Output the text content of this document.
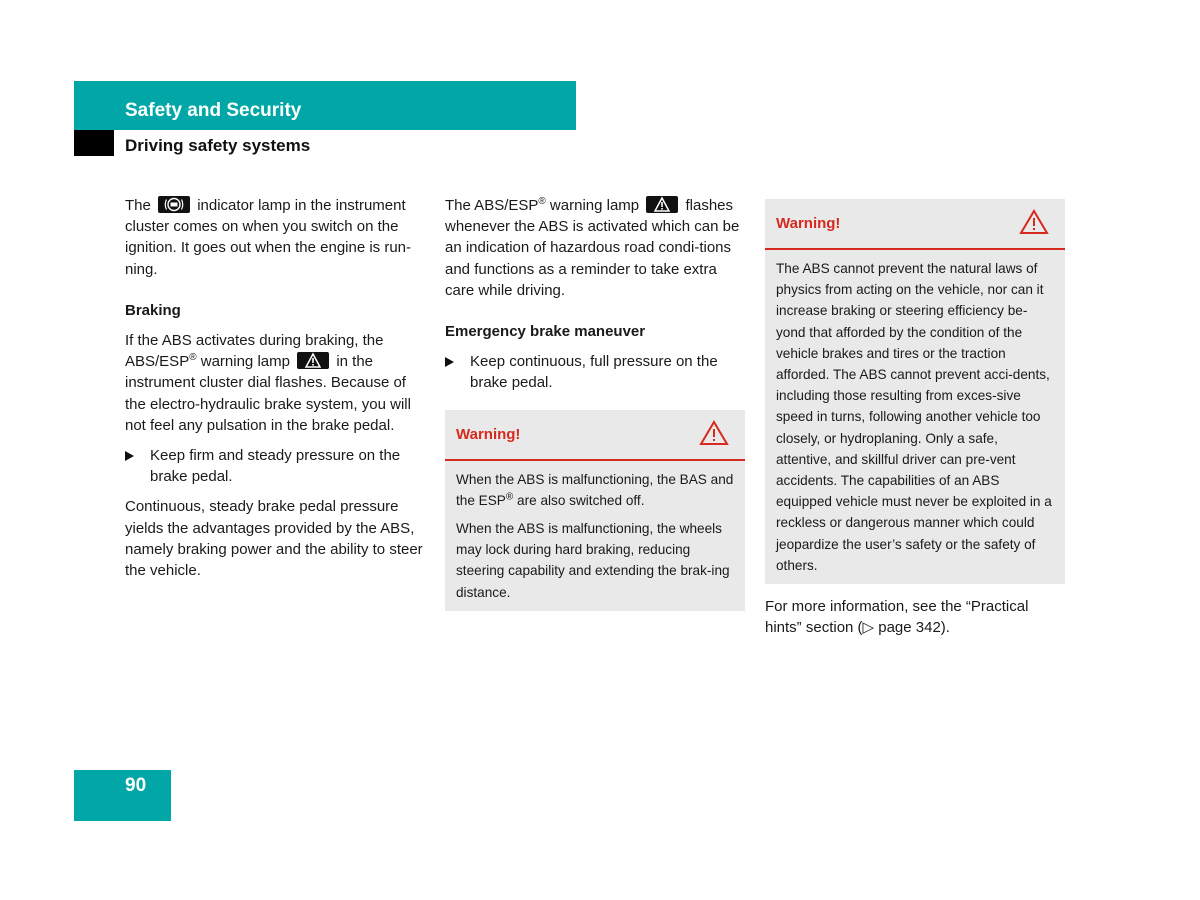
Safety and Security
Driving safety systems

The	indicator lamp in the instrument cluster comes on when you switch on the ignition. It goes out when the engine is run-ning.

Braking

If the ABS activates during braking, the ABS/ESP® warning lamp	in the instrument cluster dial flashes. Because of the electro-hydraulic brake system, you will not feel any pulsation in the brake pedal.

Keep firm and steady pressure on the brake pedal.

Continuous, steady brake pedal pressure yields the advantages provided by the ABS, namely braking power and the ability to steer the vehicle.

The ABS/ESP® warning lamp	flashes whenever the ABS is activated which can be an indication of hazardous road condi-tions and functions as a reminder to take extra care while driving.

Emergency brake maneuver

Keep continuous, full pressure on the brake pedal.

Warning!

When the ABS is malfunctioning, the BAS and the ESP® are also switched off.

When the ABS is malfunctioning, the wheels may lock during hard braking, reducing steering capability and extending the brak-ing distance.

Warning!

The ABS cannot prevent the natural laws of physics from acting on the vehicle, nor can it increase braking or steering efficiency be-yond that afforded by the condition of the vehicle brakes and tires or the traction afforded. The ABS cannot prevent acci-dents, including those resulting from exces-sive speed in turns, following another vehicle too closely, or hydroplaning. Only a safe, attentive, and skillful driver can pre-vent accidents. The capabilities of an ABS equipped vehicle must never be exploited in a reckless or dangerous manner which could jeopardize the user’s safety or the safety of others.

For more information, see the “Practical hints” section (▷ page 342).

90
